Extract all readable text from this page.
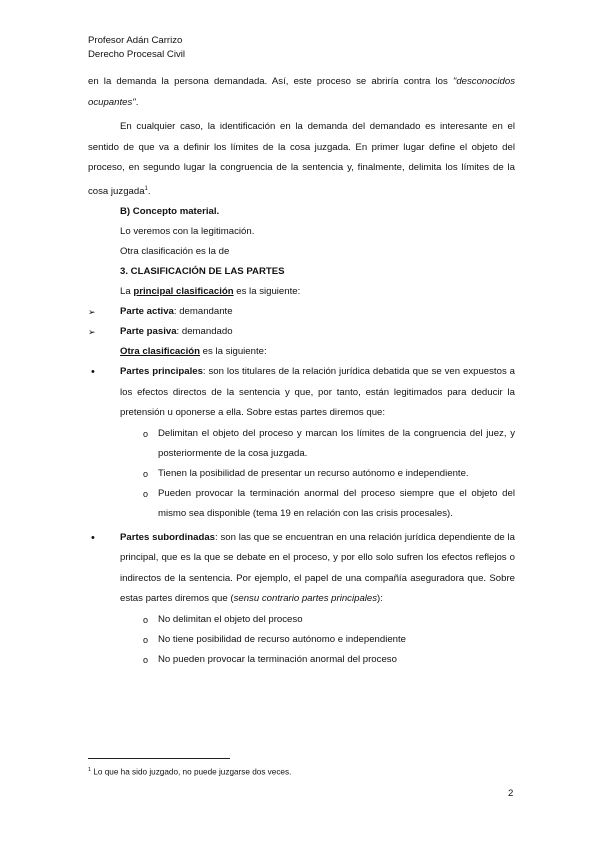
Profesor Adán Carrizo
Derecho Procesal Civil

en la demanda la persona demandada. Así, este proceso se abriría contra los "desconocidos ocupantes".

En cualquier caso, la identificación en la demanda del demandado es interesante en el sentido de que va a definir los límites de la cosa juzgada. En primer lugar define el objeto del proceso, en segundo lugar la congruencia de la sentencia y, finalmente, delimita los límites de la cosa juzgada$^1$.

B) Concepto material.

Lo veremos con la legitimación.

Otra clasificación es la de

3. CLASIFICACIÓN DE LAS PARTES

La principal clasificación es la siguiente:

➢	Parte activa: demandante
➢	Parte pasiva: demandado

Otra clasificación es la siguiente:

•	Partes principales: son los titulares de la relación jurídica debatida que se ven expuestos a los efectos directos de la sentencia y que, por tanto, están legitimados para deducir la pretensión u oponerse a ella. Sobre estas partes diremos que:
o Delimitan el objeto del proceso y marcan los límites de la congruencia del juez, y posteriormente de la cosa juzgada.
o Tienen la posibilidad de presentar un recurso autónomo e independiente.
o Pueden provocar la terminación anormal del proceso siempre que el objeto del mismo sea disponible (tema 19 en relación con las crisis procesales).
•	Partes subordinadas: son las que se encuentran en una relación jurídica dependiente de la principal, que es la que se debate en el proceso, y por ello solo sufren los efectos reflejos o indirectos de la sentencia. Por ejemplo, el papel de una compañía aseguradora que. Sobre estas partes diremos que (sensu contrario partes principales):
o No delimitan el objeto del proceso
o No tiene posibilidad de recurso autónomo e independiente
o No pueden provocar la terminación anormal del proceso
$^1$ Lo que ha sido juzgado, no puede juzgarse dos veces.
2
